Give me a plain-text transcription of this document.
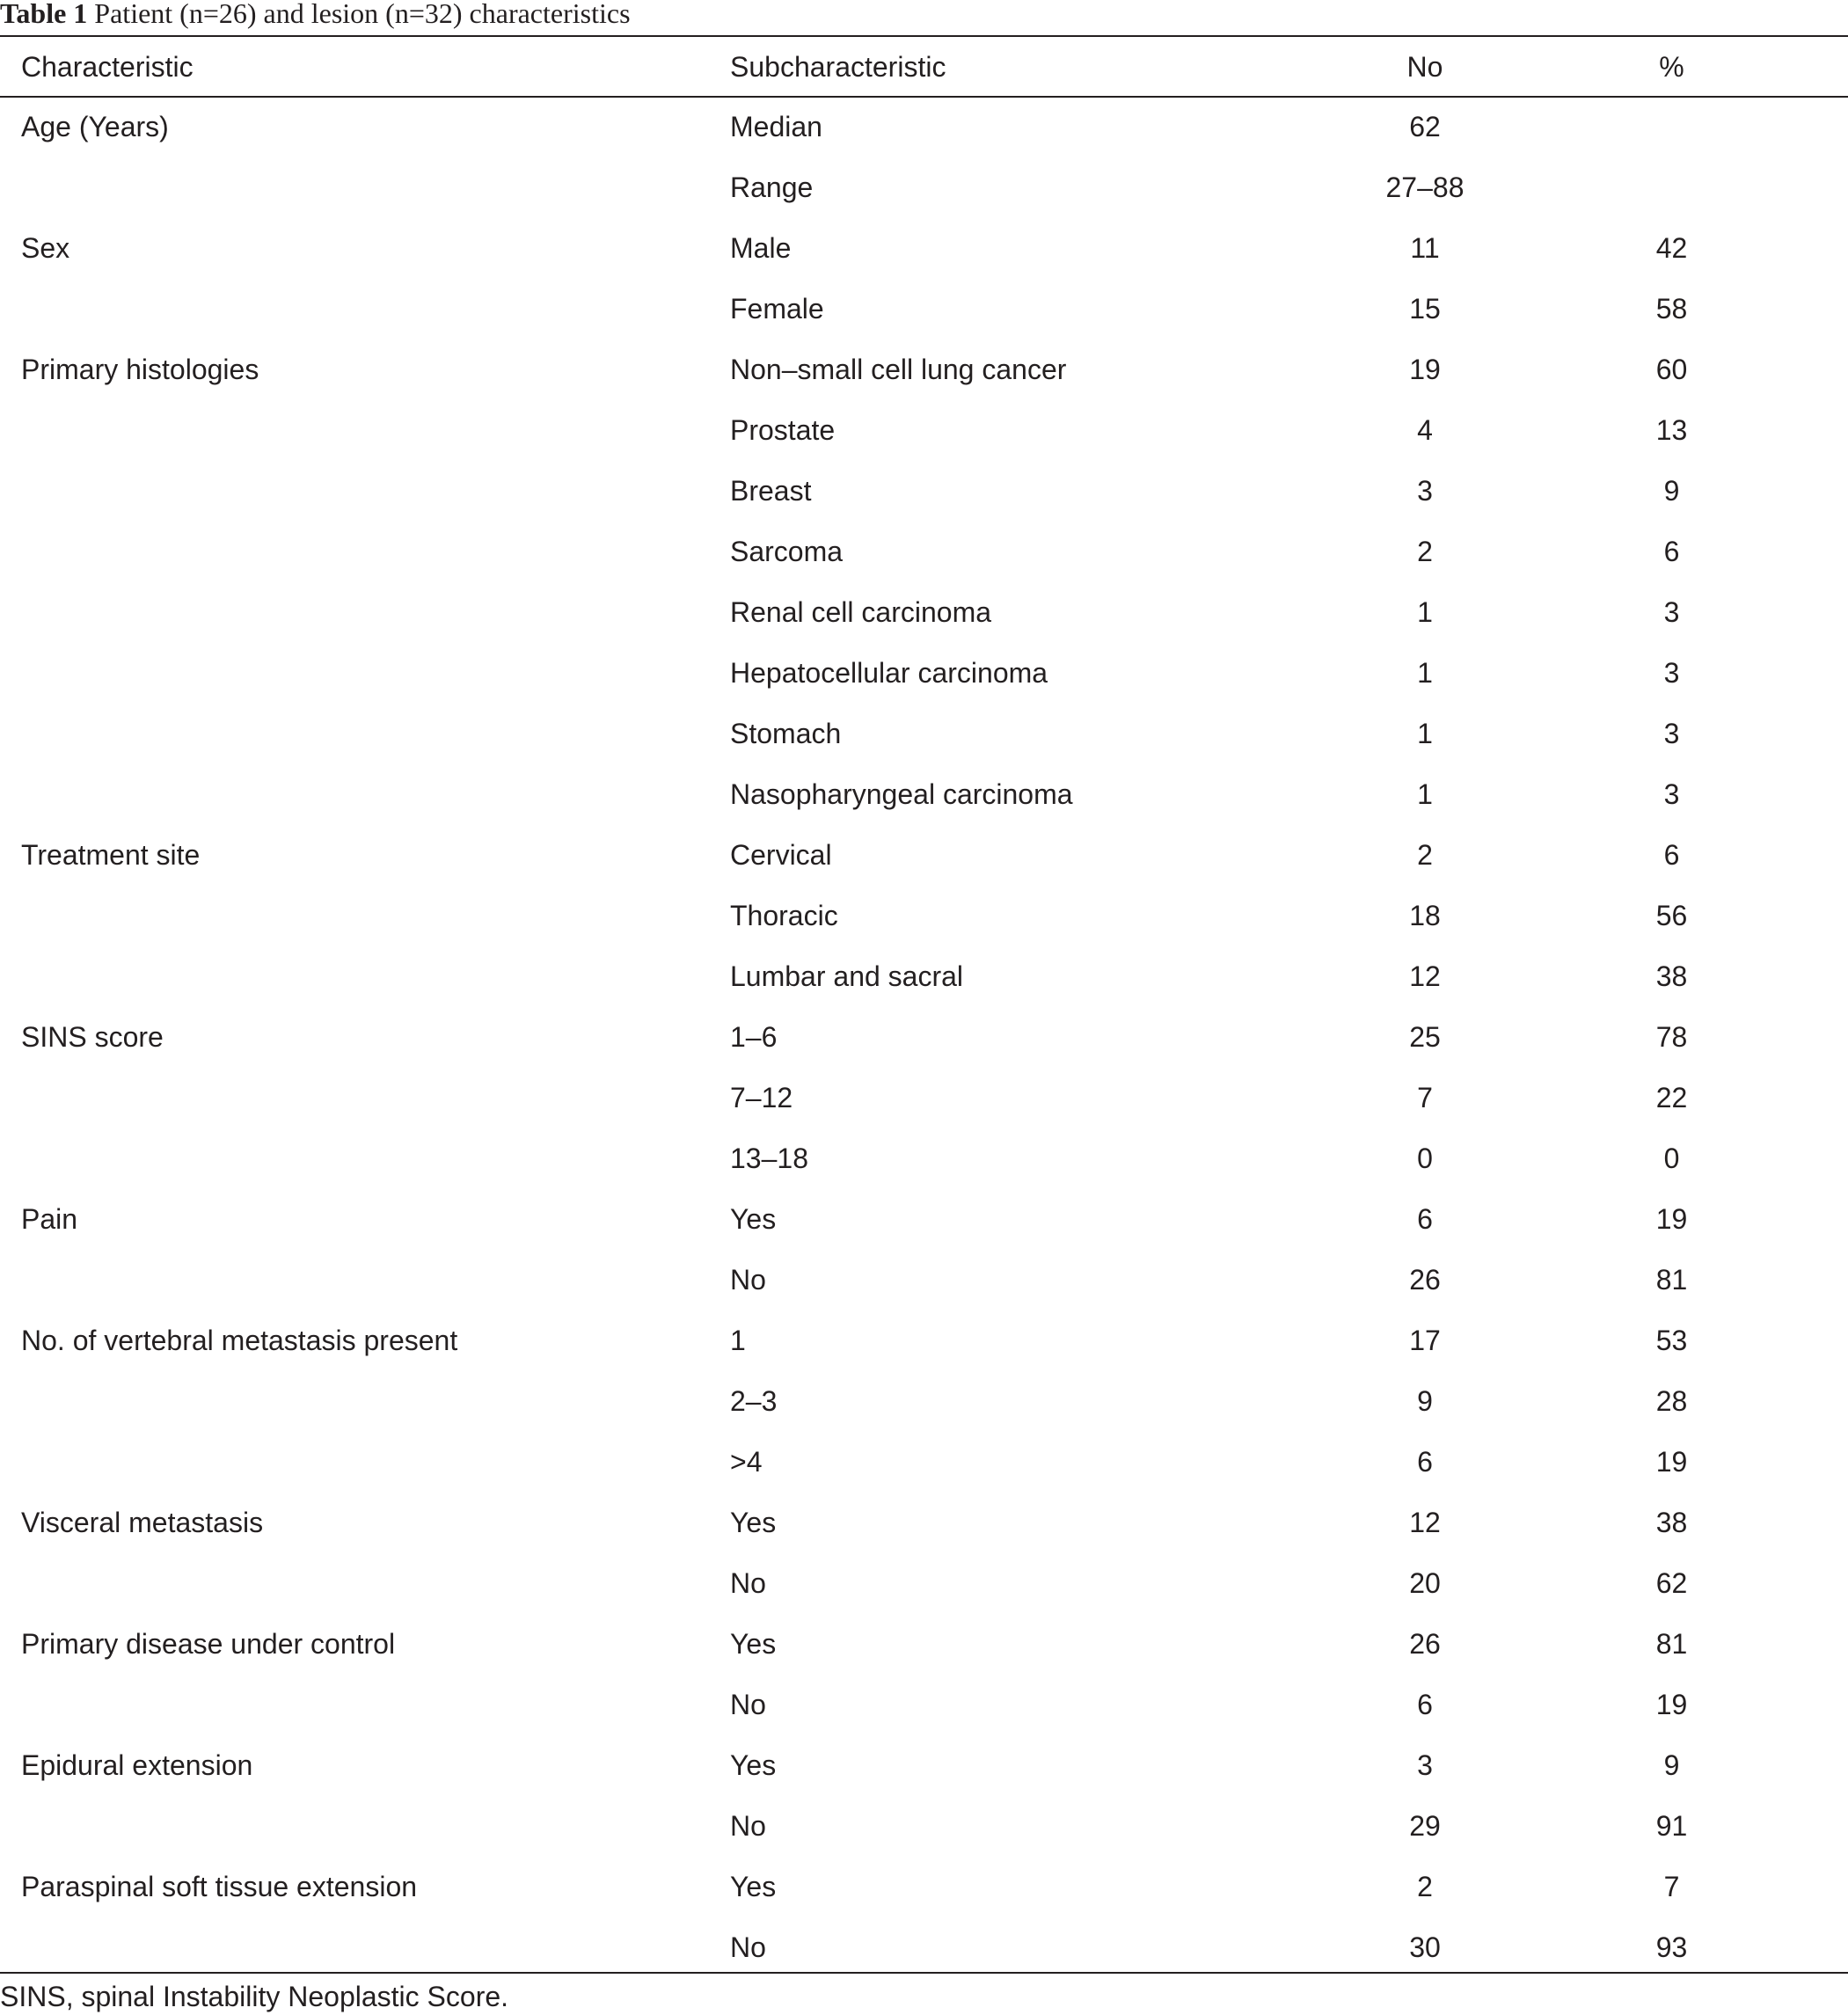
Table 1 Patient (n=26) and lesion (n=32) characteristics
Characteristic	Subcharacteristic	No	%
Age (Years)	Median	62	
	Range	27–88	
Sex	Male	11	42
	Female	15	58
Primary histologies	Non–small cell lung cancer	19	60
	Prostate	4	13
	Breast	3	9
	Sarcoma	2	6
	Renal cell carcinoma	1	3
	Hepatocellular carcinoma	1	3
	Stomach	1	3
	Nasopharyngeal carcinoma	1	3
Treatment site	Cervical	2	6
	Thoracic	18	56
	Lumbar and sacral	12	38
SINS score	1–6	25	78
	7–12	7	22
	13–18	0	0
Pain	Yes	6	19
	No	26	81
No. of vertebral metastasis present	1	17	53
	2–3	9	28
	>4	6	19
Visceral metastasis	Yes	12	38
	No	20	62
Primary disease under control	Yes	26	81
	No	6	19
Epidural extension	Yes	3	9
	No	29	91
Paraspinal soft tissue extension	Yes	2	7
	No	30	93
SINS, spinal Instability Neoplastic Score.
